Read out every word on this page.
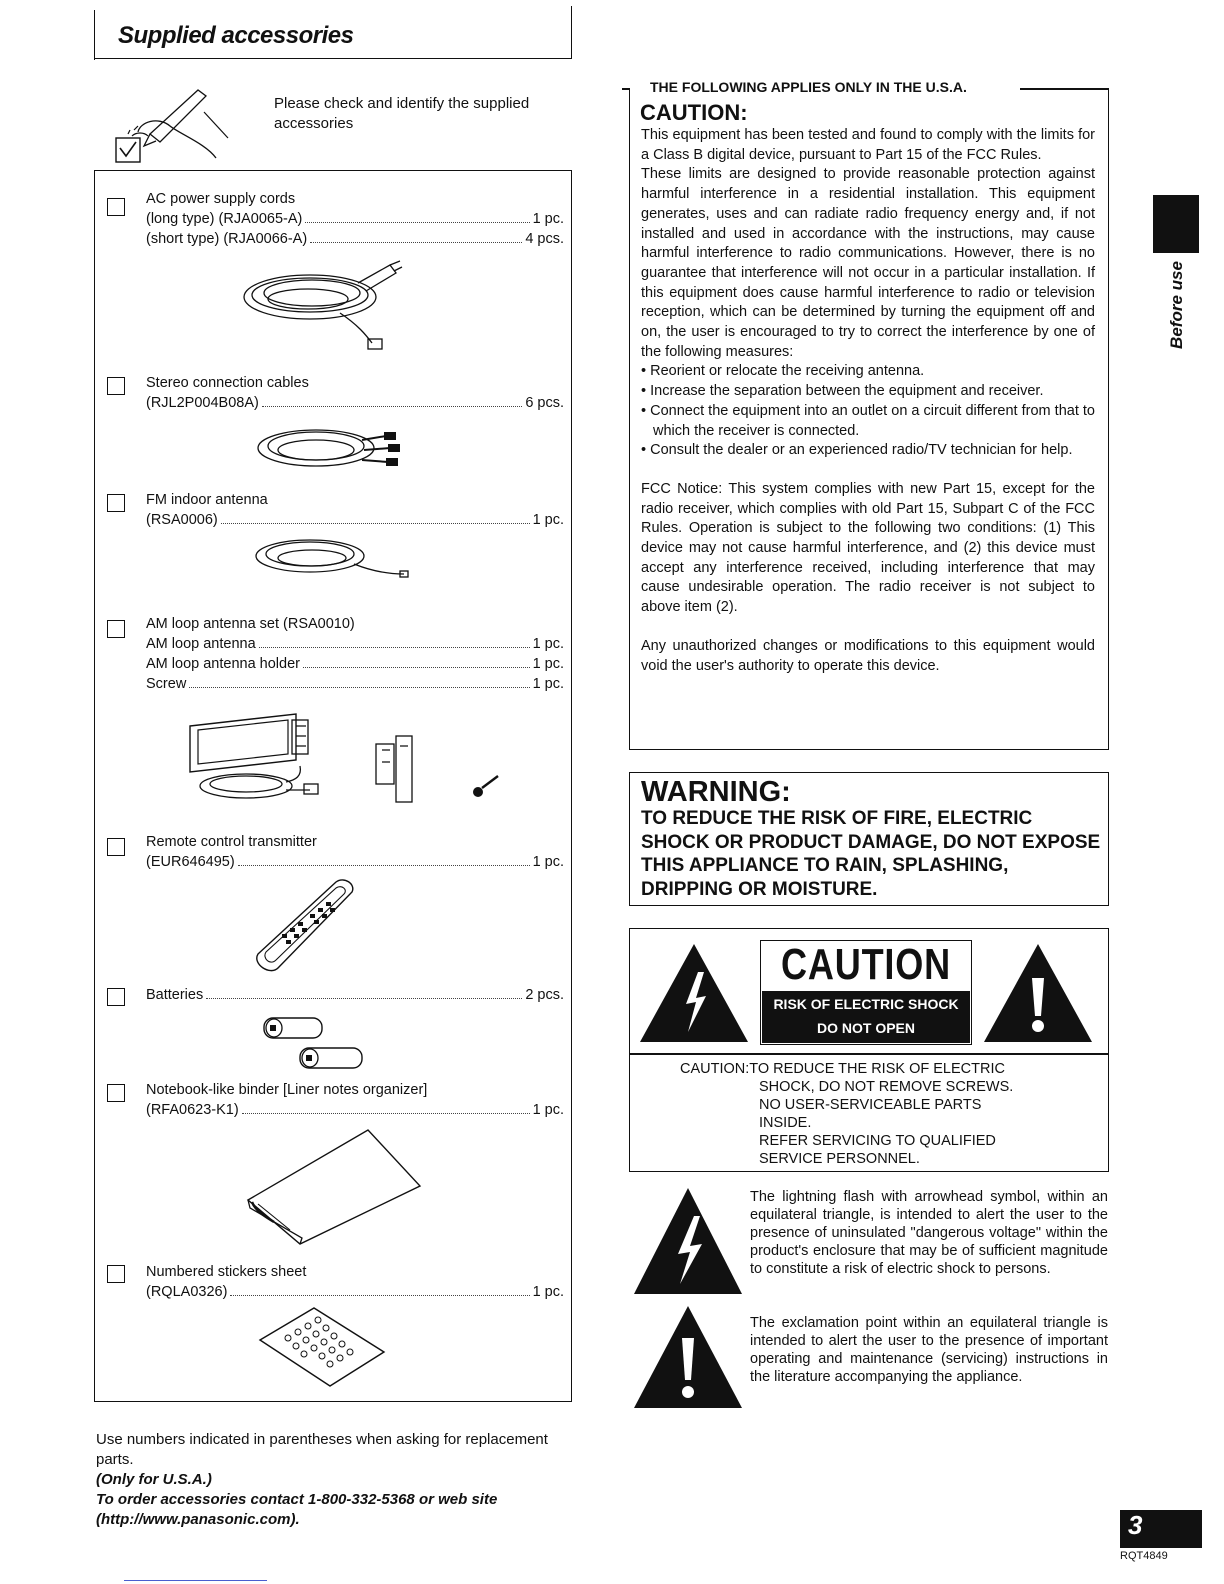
Supplied accessories
Please check and identify the supplied accessories
AC power supply cords
(long type) (RJA0065-A)	1 pc.
(short type) (RJA0066-A)	4 pcs.
Stereo connection cables
(RJL2P004B08A)	6 pcs.
FM indoor antenna
(RSA0006)	1 pc.
AM loop antenna set (RSA0010)
AM loop antenna	1 pc.
AM loop antenna holder	1 pc.
Screw	1 pc.
Remote control transmitter
(EUR646495)	1 pc.
Batteries	2 pcs.
Notebook-like binder [Liner notes organizer]
(RFA0623-K1)	1 pc.
Numbered stickers sheet
(RQLA0326)	1 pc.
Use numbers indicated in parentheses when asking for replacement parts.
(Only for U.S.A.)
To order accessories contact 1-800-332-5368 or web site (http://www.panasonic.com).
THE FOLLOWING APPLIES ONLY IN THE U.S.A.
CAUTION:

This equipment has been tested and found to comply with the limits for a Class B digital device, pursuant to Part 15 of the FCC Rules.

These limits are designed to provide reasonable protection against harmful interference in a residential installation. This equipment generates, uses and can radiate radio frequency energy and, if not installed and used in accordance with the instructions, may cause harmful interference to radio communications. However, there is no guarantee that interference will not occur in a particular installation. If this equipment does cause harmful interference to radio or television reception, which can be determined by turning the equipment off and on, the user is encouraged to try to correct the interference by one of the following measures:

• Reorient or relocate the receiving antenna.

• Increase the separation between the equipment and receiver.

• Connect the equipment into an outlet on a circuit different from that to which the receiver is connected.

• Consult the dealer or an experienced radio/TV technician for help.

FCC Notice: This system complies with new Part 15, except for the radio receiver, which complies with old Part 15, Subpart C of the FCC Rules. Operation is subject to the following two conditions: (1) This device may not cause harmful interference, and (2) this device must accept any interference received, including interference that may cause undesirable operation. The radio receiver is not subject to above item (2).

Any unauthorized changes or modifications to this equipment would void the user's authority to operate this device.

WARNING:
TO REDUCE THE RISK OF FIRE, ELECTRIC SHOCK OR PRODUCT DAMAGE, DO NOT EXPOSE THIS APPLIANCE TO RAIN, SPLASHING, DRIPPING OR MOISTURE.
CAUTION
RISK OF ELECTRIC SHOCK
DO NOT OPEN
CAUTION:TO REDUCE THE RISK OF ELECTRIC
SHOCK, DO NOT REMOVE SCREWS.
NO USER-SERVICEABLE PARTS
INSIDE.
REFER SERVICING TO QUALIFIED
SERVICE PERSONNEL.
The lightning flash with arrowhead symbol, within an equilateral triangle, is intended to alert the user to the presence of uninsulated "dangerous voltage" within the product's enclosure that may be of sufficient magnitude to constitute a risk of electric shock to persons.
The exclamation point within an equilateral triangle is intended to alert the user to the presence of important operating and maintenance (servicing) instructions in the literature accompanying the appliance.
Before use
3
RQT4849
